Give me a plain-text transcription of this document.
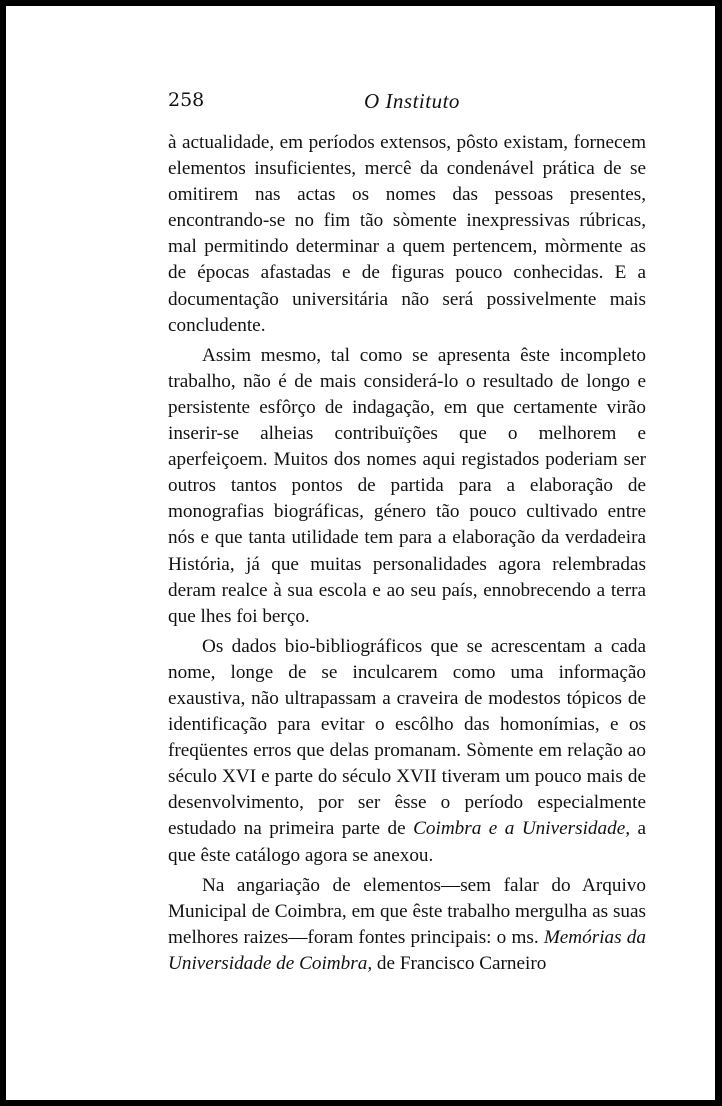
258	O Instituto

à actualidade, em períodos extensos, pôsto existam, fornecem elementos insuficientes, mercê da condenável prática de se omitirem nas actas os nomes das pessoas presentes, encontrando-se no fim tão sòmente inexpressivas rúbricas, mal permitindo determinar a quem pertencem, mòrmente as de épocas afastadas e de figuras pouco conhecidas. E a documentação universitária não será possivelmente mais concludente.

Assim mesmo, tal como se apresenta êste incompleto trabalho, não é de mais considerá-lo o resultado de longo e persistente esfôrço de indagação, em que certamente virão inserir-se alheias contribuïções que o melhorem e aperfeiçoem. Muitos dos nomes aqui registados poderiam ser outros tantos pontos de partida para a elaboração de monografias biográficas, género tão pouco cultivado entre nós e que tanta utilidade tem para a elaboração da verdadeira História, já que muitas personalidades agora relembradas deram realce à sua escola e ao seu país, ennobrecendo a terra que lhes foi berço.

Os dados bio-bibliográficos que se acrescentam a cada nome, longe de se inculcarem como uma informação exaustiva, não ultrapassam a craveira de modestos tópicos de identificação para evitar o escôlho das homonímias, e os freqüentes erros que delas promanam. Sòmente em relação ao século XVI e parte do século XVII tiveram um pouco mais de desenvolvimento, por ser êsse o período especialmente estudado na primeira parte de Coimbra e a Universidade, a que êste catálogo agora se anexou.

Na angariação de elementos—sem falar do Arquivo Municipal de Coimbra, em que êste trabalho mergulha as suas melhores raizes—foram fontes principais: o ms. Memórias da Universidade de Coimbra, de Francisco Carneiro
